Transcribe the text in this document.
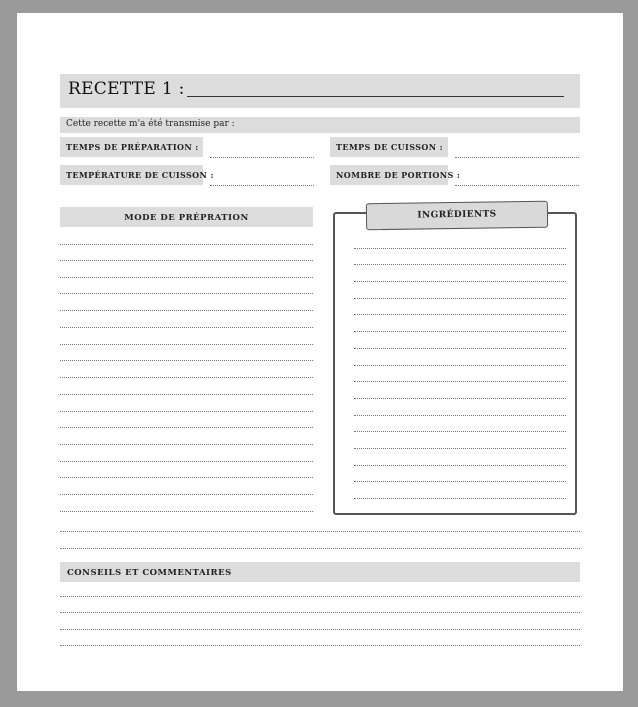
RECETTE 1 :
Cette recette m'a été transmise par :
TEMPS DE PRÉPARATION :	TEMPS DE CUISSON :
TEMPÉRATURE DE CUISSON :	NOMBRE DE PORTIONS :
MODE DE PRÉPRATION	INGRÉDIENTS
CONSEILS ET COMMENTAIRES
